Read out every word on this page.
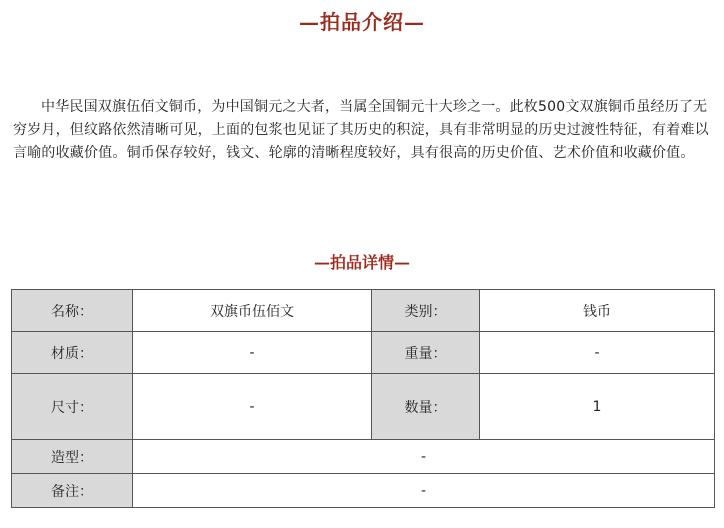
—拍品介绍—

中华民国双旗伍佰文铜币，为中国铜元之大者，当属全国铜元十大珍之一。此枚500文双旗铜币虽经历了无穷岁月，但纹路依然清晰可见，上面的包浆也见证了其历史的积淀，具有非常明显的历史过渡性特征，有着难以言喻的收藏价值。铜币保存较好，钱文、轮廓的清晰程度较好，具有很高的历史价值、艺术价值和收藏价值。

—拍品详情—
名称：	双旗币伍佰文	类别：	钱币
材质：	-	重量：	-
尺寸：	-	数量：	1
造型：	-		
备注：	-		
